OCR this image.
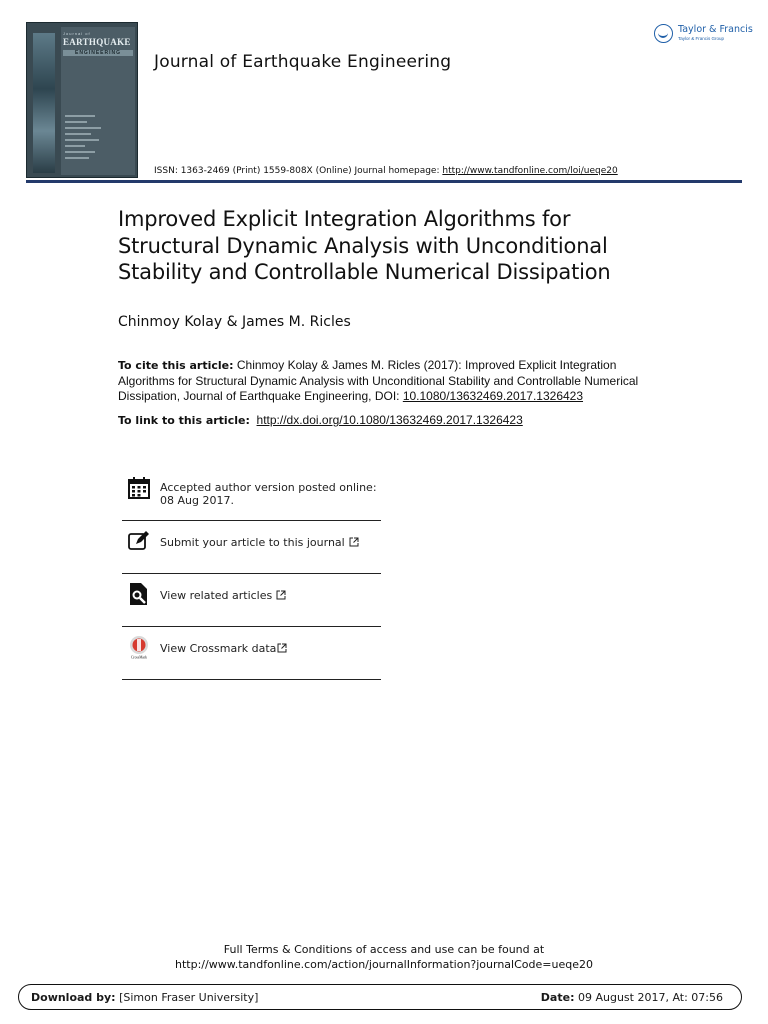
Journal of
EARTHQUAKE
ENGINEERING	Journal of Earthquake Engineering
Taylor & Francis
Taylor & Francis Group
ISSN: 1363-2469 (Print) 1559-808X (Online) Journal homepage: http://www.tandfonline.com/loi/ueqe20
Improved Explicit Integration Algorithms for Structural Dynamic Analysis with Unconditional Stability and Controllable Numerical Dissipation
Chinmoy Kolay & James M. Ricles
To cite this article: Chinmoy Kolay & James M. Ricles (2017): Improved Explicit Integration Algorithms for Structural Dynamic Analysis with Unconditional Stability and Controllable Numerical Dissipation, Journal of Earthquake Engineering, DOI: 10.1080/13632469.2017.1326423
To link to this article: http://dx.doi.org/10.1080/13632469.2017.1326423
Accepted author version posted online: 08 Aug 2017.
Submit your article to this journal
View related articles
CrossMark
View Crossmark data
Full Terms & Conditions of access and use can be found at
http://www.tandfonline.com/action/journalInformation?journalCode=ueqe20
Download by: [Simon Fraser University]	Date: 09 August 2017, At: 07:56
